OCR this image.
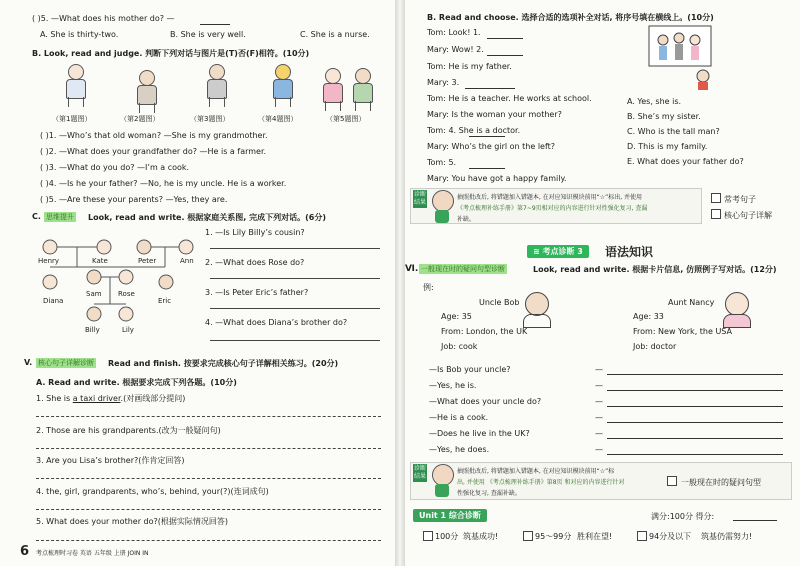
( )5. —What does his mother do? —
A. She is thirty-two.	B. She is very well.	C. She is a nurse.
B. Look, read and judge. 判断下列对话与图片是(T)否(F)相符。(10分)
（第1题图）	（第2题图）	（第3题图）	（第4题图）	（第5题图）
( )1. —Who’s that old woman? —She is my grandmother.
( )2. —What does your grandfather do? —He is a farmer.
( )3. —What do you do? —I’m a cook.
( )4. —Is he your father? —No, he is my uncle. He is a worker.
( )5. —Are these your parents? —Yes, they are.
C. 思维提升 Look, read and write. 根据家庭关系图, 完成下列对话。(6分)
Henry	Kate	Peter	Ann
Diana
Sam Rose
Eric
Billy	Lily
1. —Is Lily Billy’s cousin?
2. —What does Rose do?
3. —Is Peter Eric’s father?
4. —What does Diana’s brother do?
V. 核心句子详解诊断 Read and finish. 按要求完成核心句子详解相关练习。(20分)
A. Read and write. 根据要求完成下列各题。(10分)
1. She is a taxi driver.(对画线部分提问)
2. Those are his grandparents.(改为一般疑问句)
3. Are you Lisa’s brother?(作肯定回答)
4. the, girl, grandparents, who’s, behind, your(?)(连词成句)
5. What does your mother do?(根据实际情况回答)
6 考点梳理时习卷 英语 五年级 上册 JOIN IN
B. Read and choose. 选择合适的选项补全对话, 将序号填在横线上。(10分)
Tom: Look! 1.
Mary: Wow! 2.
Tom: He is my father.
Mary: 3.
Tom: He is a teacher. He works at school.
Mary: Is the woman your mother?
Tom: 4. She is a doctor.
Mary: Who’s the girl on the left?
Tom: 5.
Mary: You have got a happy family.
A. Yes, she is.
B. She’s my sister.
C. Who is the tall man?
D. This is my family.
E. What does your father do?
诊断结果
抽照批改后, 将错题加入错题本, 在对应知识模块前用“☆”标出, 并使用
《考点梳理补练手册》第7~9页相对应的内容进行针对性强化复习, 查漏
补缺。
常考句子
核心句子详解
≋ 考点诊断 3	语法知识
Ⅵ. 一般现在时的疑问句型诊断	Look, read and write. 根据卡片信息, 仿照例子写对话。(12分)
例:
Uncle Bob
Age: 35
From: London, the UK
Job: cook
Aunt Nancy
Age: 33
From: New York, the USA
Job: doctor
—Is Bob your uncle?	—
—Yes, he is.	—
—What does your uncle do?	—
—He is a cook.	—
—Does he live in the UK?	—
—Yes, he does.	—
诊断结果
抽照批改后, 将错题加入错题本, 在对应知识模块前用“☆”标
出, 并使用 《考点梳理补练手册》第8页 和对应的内容进行针对
性强化复习, 查漏补缺。
一般现在时的疑问句型
Unit 1 综合诊断	满分:100分 得分:
100分 筑基成功!	95～99分 胜利在望!	94分及以下 筑基仍需努力!
